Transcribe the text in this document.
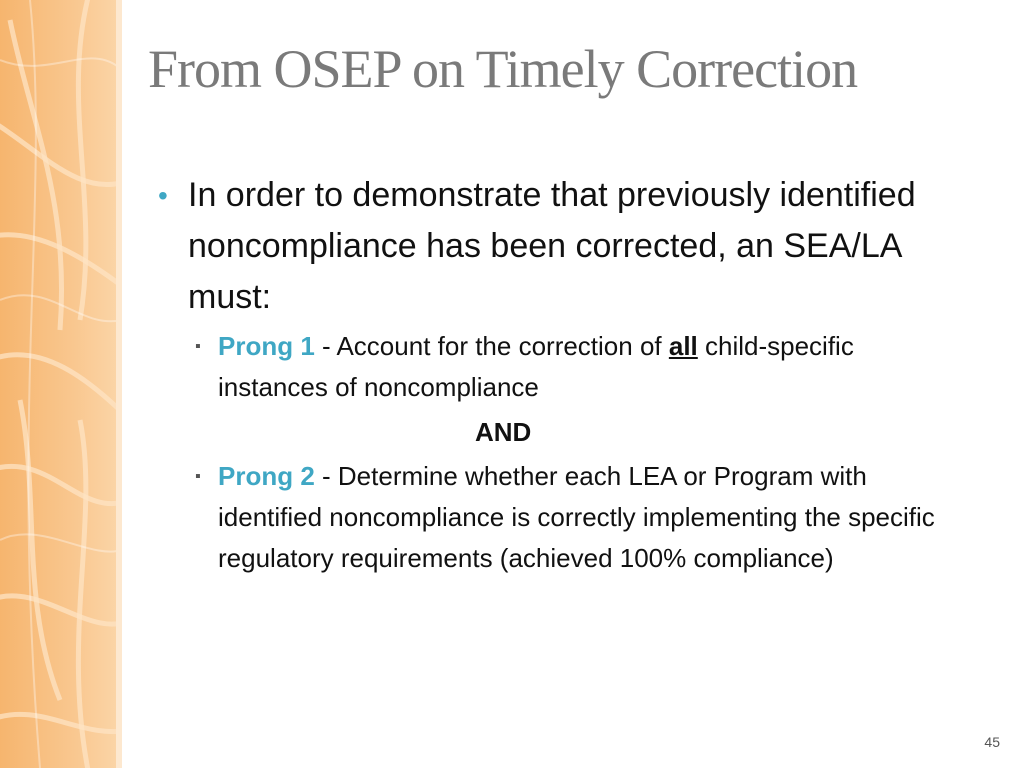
From OSEP on Timely Correction
• In order to demonstrate that previously identified noncompliance has been corrected, an SEA/LA must:
▪ Prong 1 - Account for the correction of all child-specific instances of noncompliance
AND
▪ Prong 2 - Determine whether each LEA or Program with identified noncompliance is correctly implementing the specific regulatory requirements (achieved 100% compliance)
45
